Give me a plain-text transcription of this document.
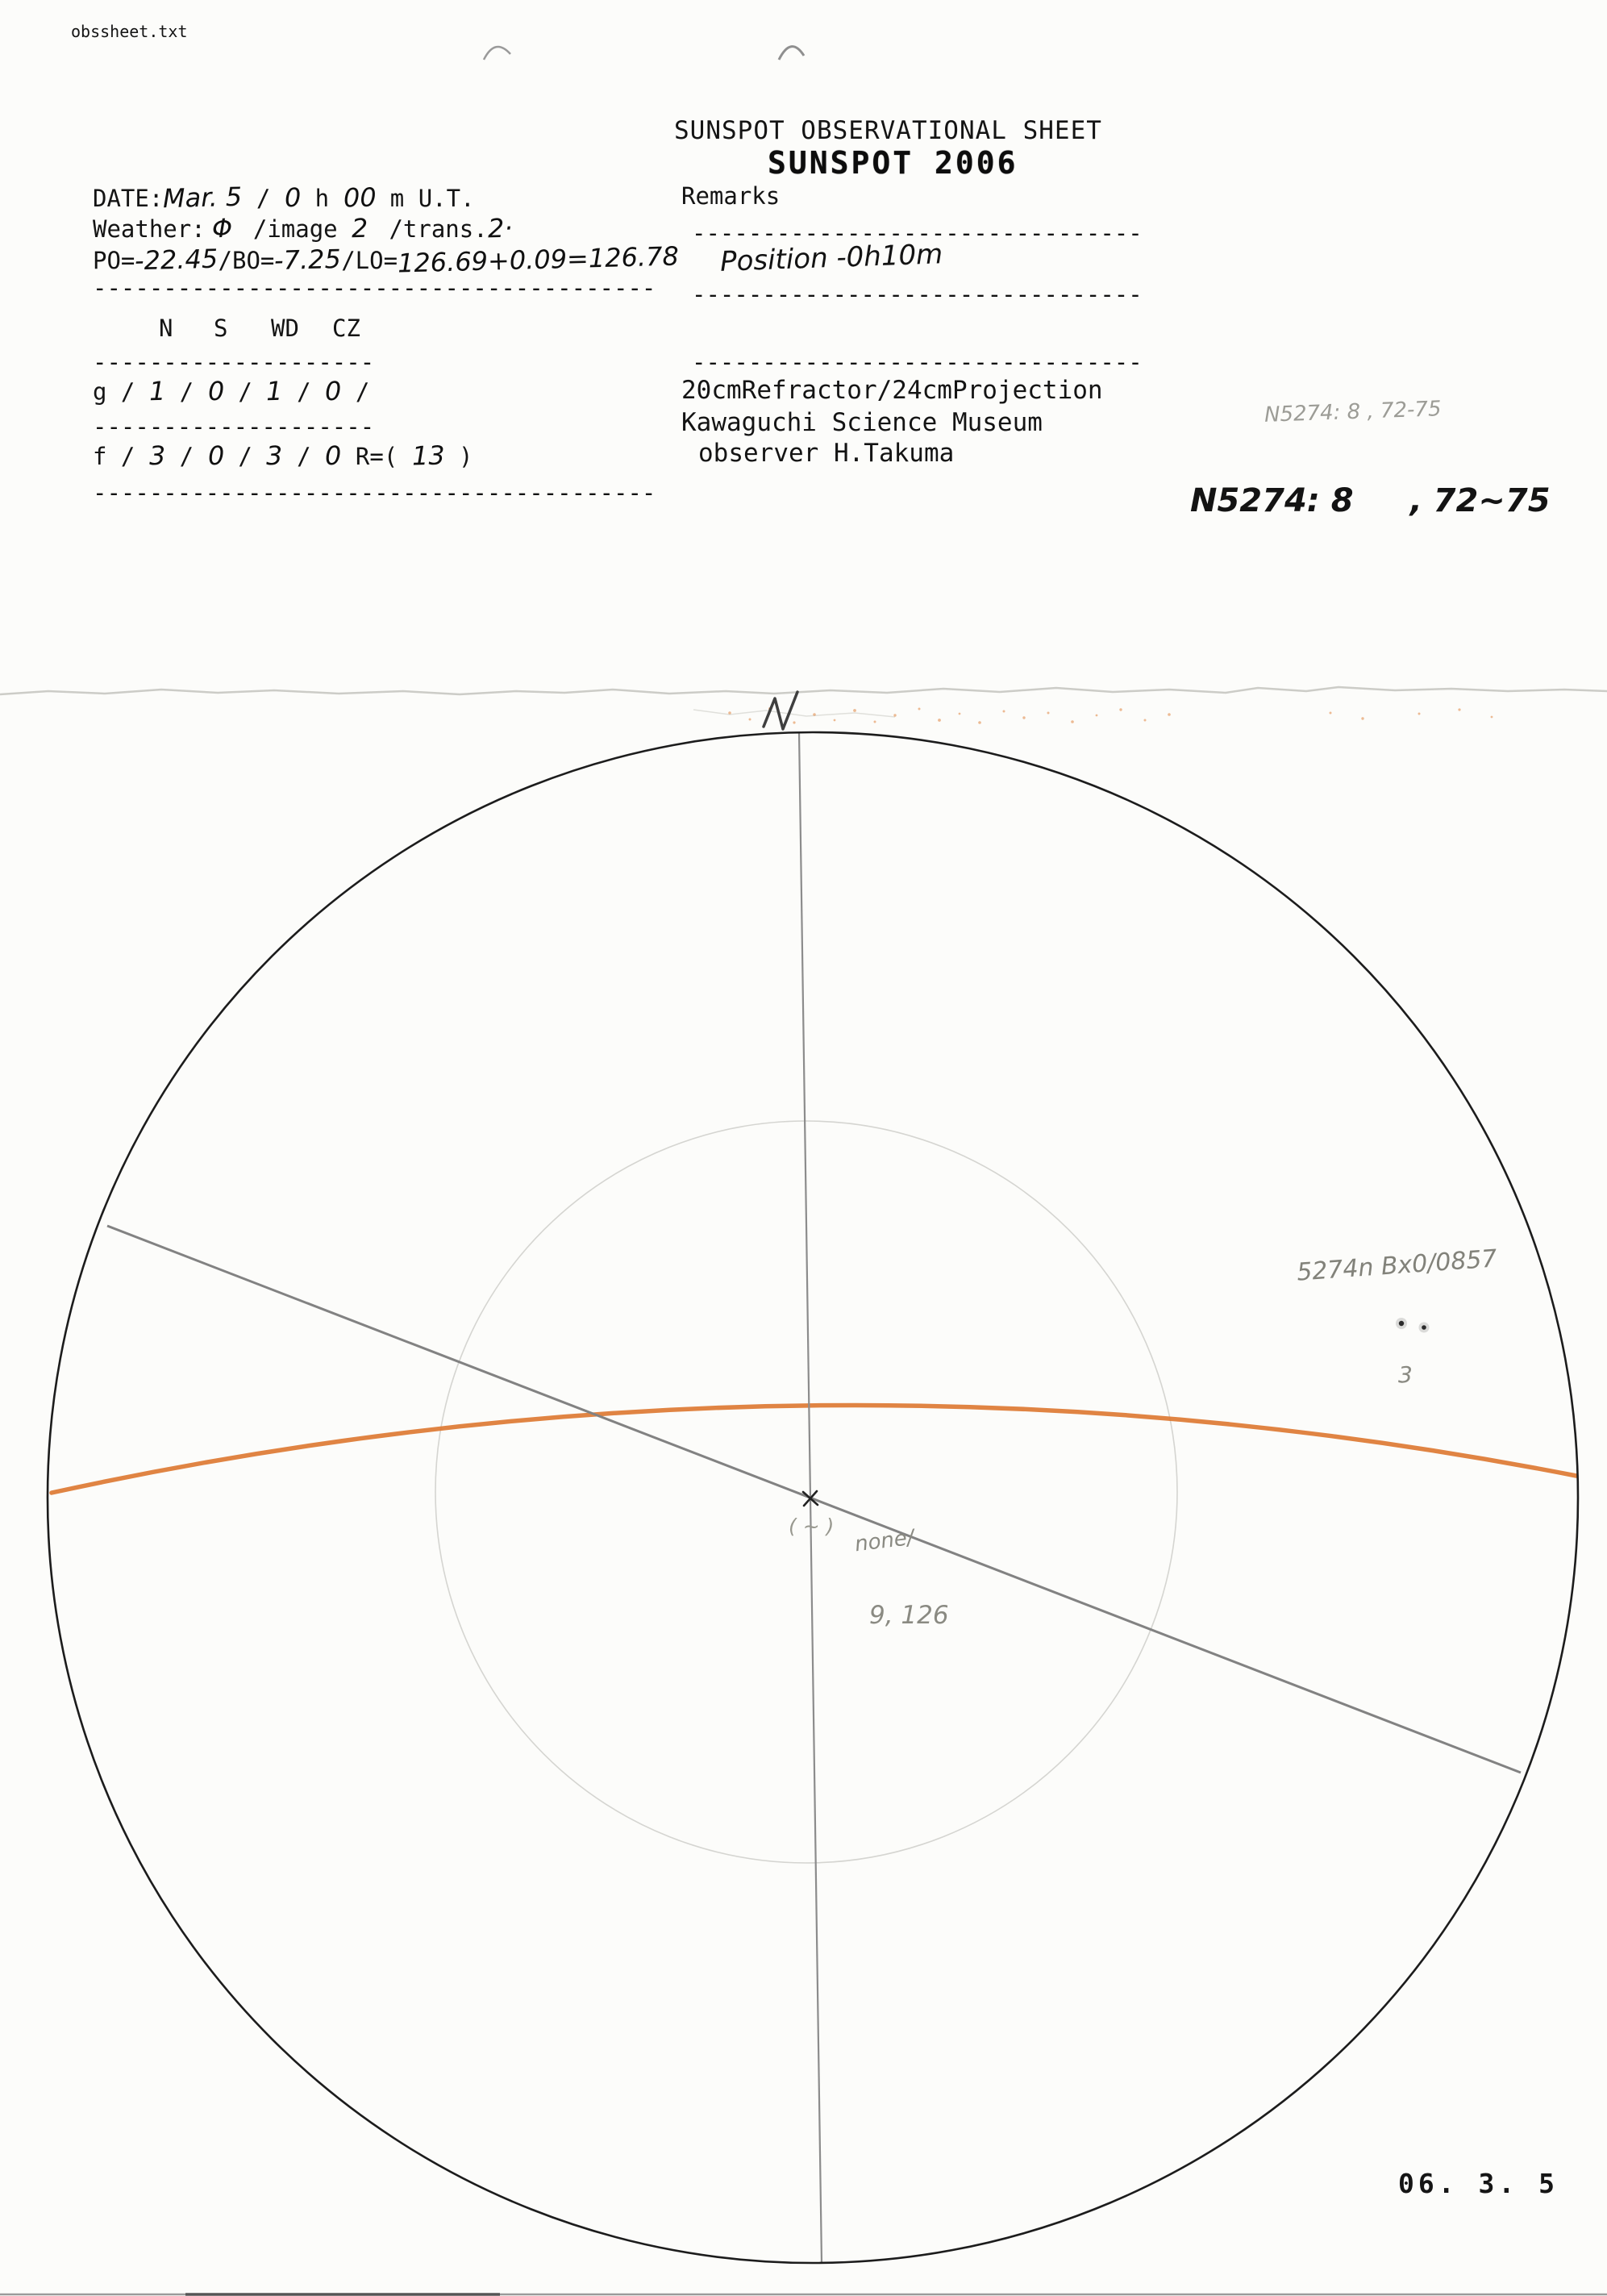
obssheet.txt
SUNSPOT OBSERVATIONAL SHEET
SUNSPOT 2006
DATE:Mar. 5 / 0 h 00 m U.T.
Weather: Φ /image 2 /trans.2·
PO=-22.45/BO=-7.25/LO=126.69+0.09=126.78
----------------------------------------
N S WD CZ
--------------------
g / 1 / 0 / 1 / 0 /
--------------------
f / 3 / 0 / 3 / 0 R=( 13 )
----------------------------------------
Remarks
--------------------------------
Position -0h10m
--------------------------------
--------------------------------
20cmRefractor/24cmProjection
Kawaguchi Science Museum
observer H.Takuma
N5274: 8 , 72-75
N5274: 8 , 72~75
5274n Bx0/0857
3
( ~ ) none/
9, 126
06. 3. 5
